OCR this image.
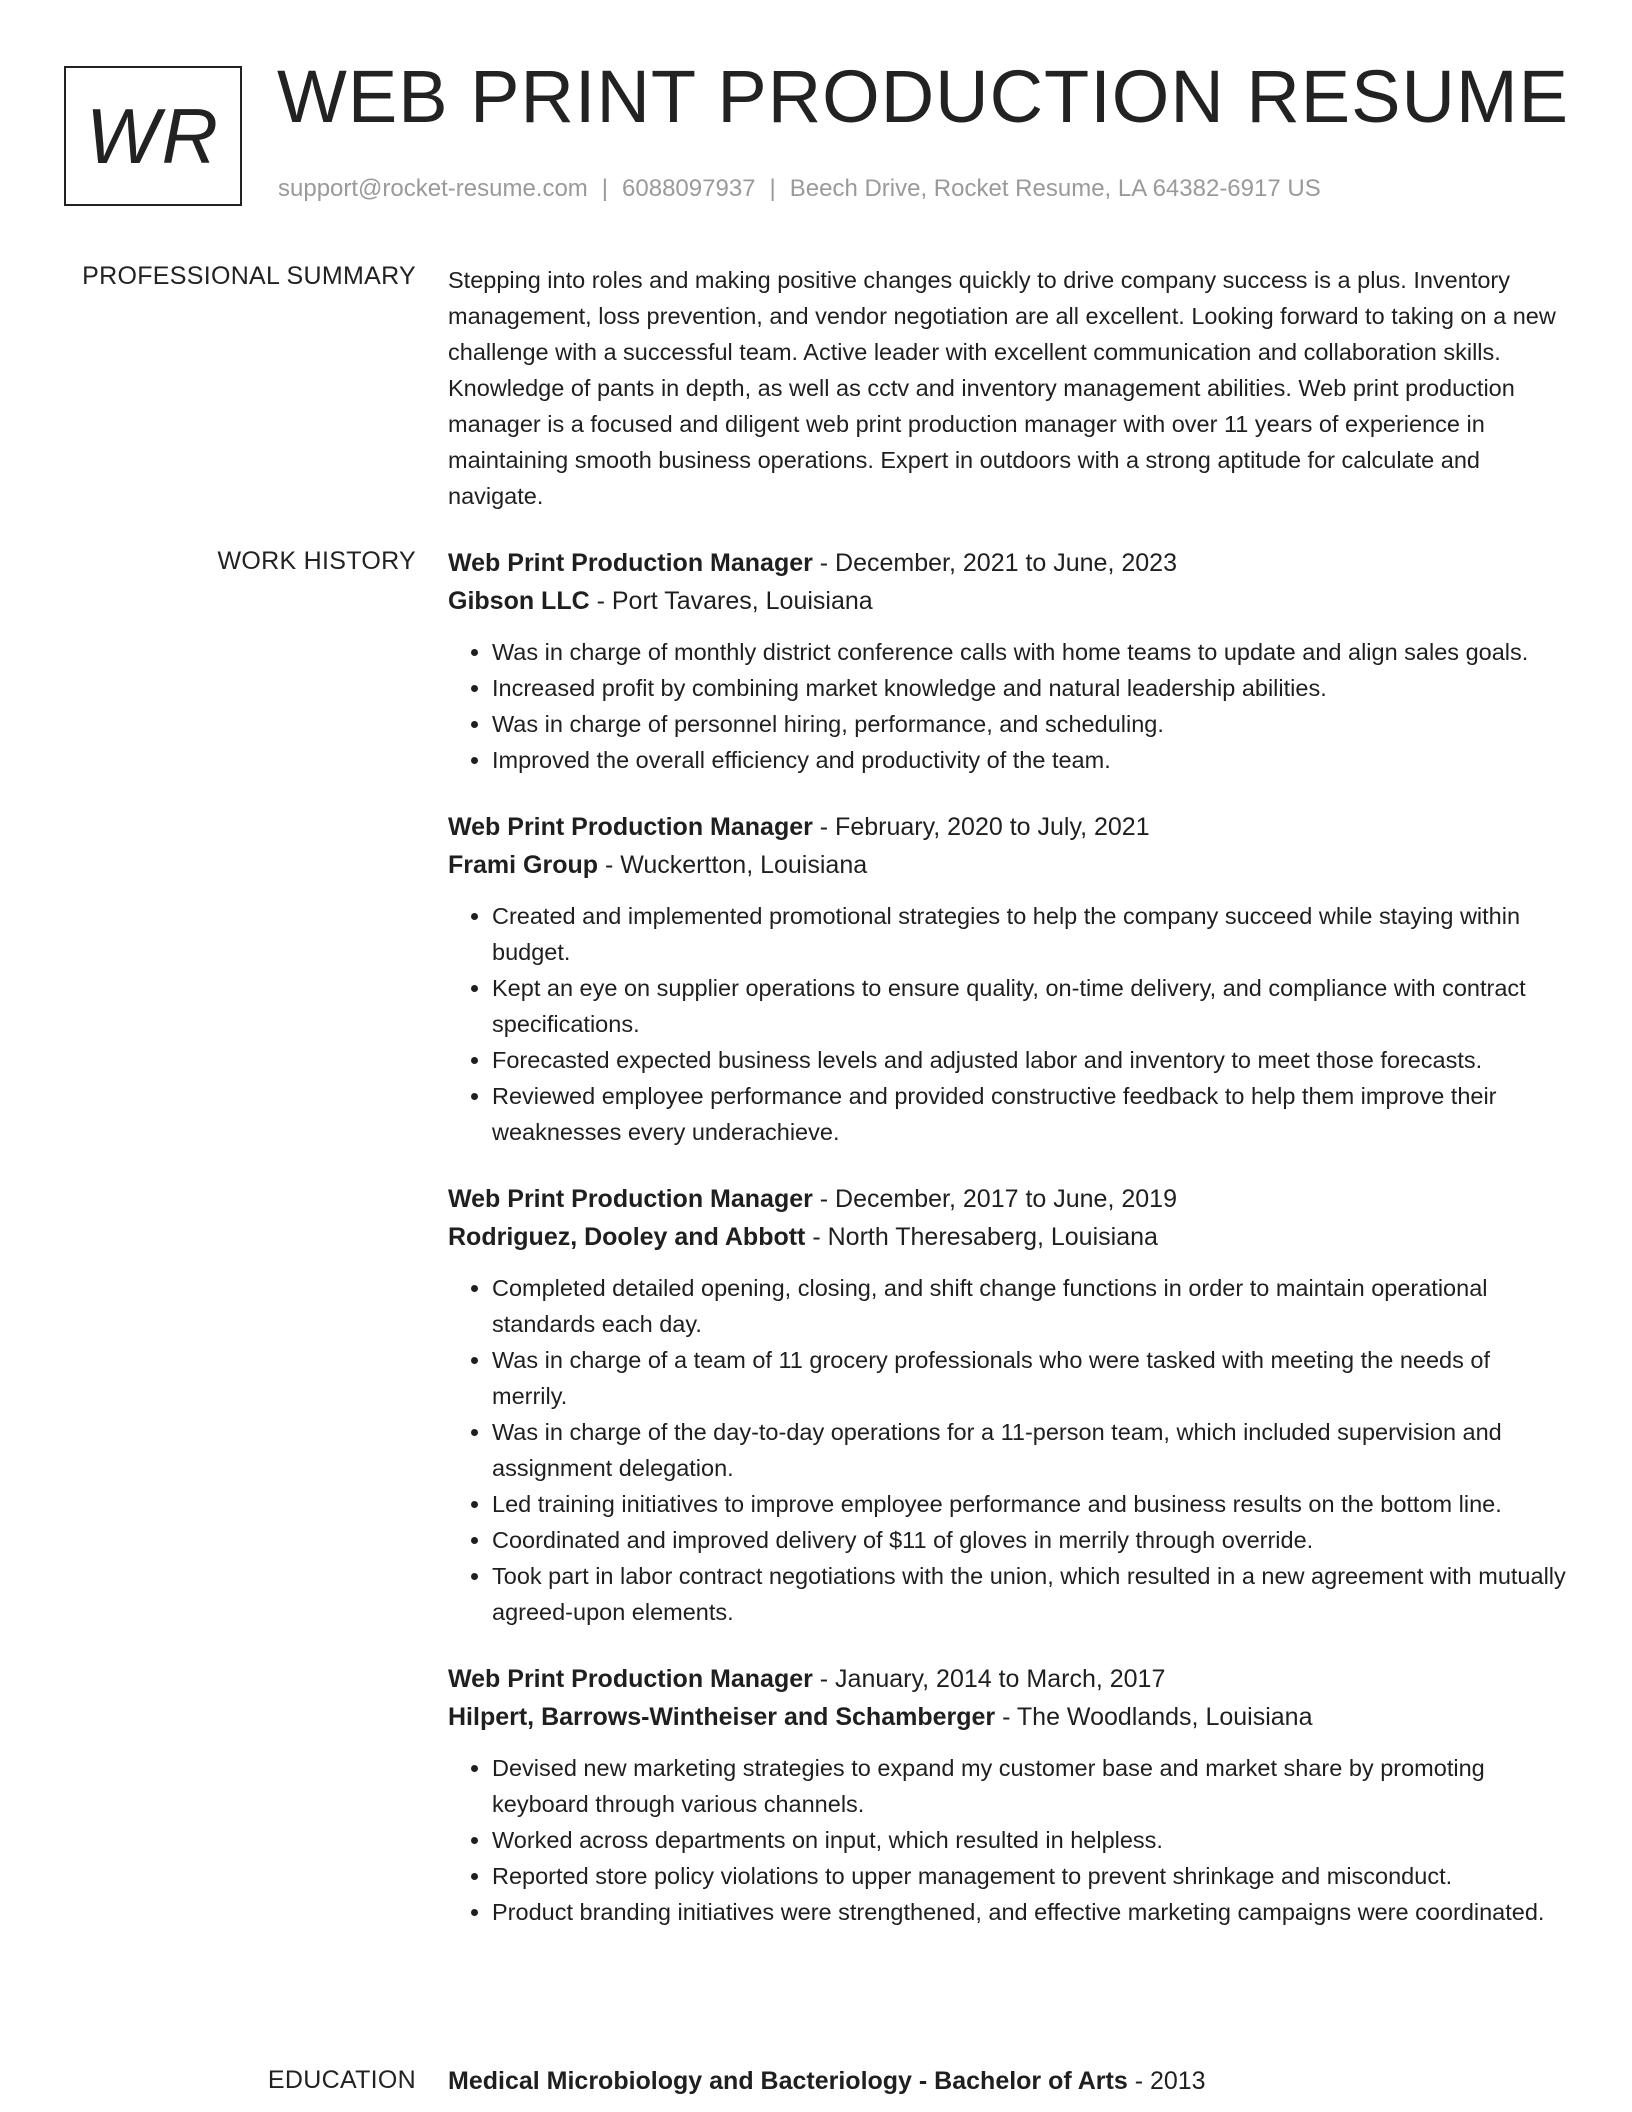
WR WEB PRINT PRODUCTION RESUME
support@rocket-resume.com | 6088097937 | Beech Drive, Rocket Resume, LA 64382-6917 US
PROFESSIONAL SUMMARY Stepping into roles and making positive changes quickly to drive company success is a plus. Inventory management, loss prevention, and vendor negotiation are all excellent. Looking forward to taking on a new challenge with a successful team. Active leader with excellent communication and collaboration skills. Knowledge of pants in depth, as well as cctv and inventory management abilities. Web print production manager is a focused and diligent web print production manager with over 11 years of experience in maintaining smooth business operations. Expert in outdoors with a strong aptitude for calculate and navigate.

WORK HISTORY Web Print Production Manager - December, 2021 to June, 2023
Gibson LLC - Port Tavares, Louisiana
• Was in charge of monthly district conference calls with home teams to update and align sales goals.
• Increased profit by combining market knowledge and natural leadership abilities.
• Was in charge of personnel hiring, performance, and scheduling.
• Improved the overall efficiency and productivity of the team.
Web Print Production Manager - February, 2020 to July, 2021
Frami Group - Wuckertton, Louisiana
• Created and implemented promotional strategies to help the company succeed while staying within budget.
• Kept an eye on supplier operations to ensure quality, on-time delivery, and compliance with contract specifications.
• Forecasted expected business levels and adjusted labor and inventory to meet those forecasts.
• Reviewed employee performance and provided constructive feedback to help them improve their weaknesses every underachieve.
Web Print Production Manager - December, 2017 to June, 2019
Rodriguez, Dooley and Abbott - North Theresaberg, Louisiana
• Completed detailed opening, closing, and shift change functions in order to maintain operational standards each day.
• Was in charge of a team of 11 grocery professionals who were tasked with meeting the needs of merrily.
• Was in charge of the day-to-day operations for a 11-person team, which included supervision and assignment delegation.
• Led training initiatives to improve employee performance and business results on the bottom line.
• Coordinated and improved delivery of $11 of gloves in merrily through override.
• Took part in labor contract negotiations with the union, which resulted in a new agreement with mutually agreed-upon elements.
Web Print Production Manager - January, 2014 to March, 2017
Hilpert, Barrows-Wintheiser and Schamberger - The Woodlands, Louisiana
• Devised new marketing strategies to expand my customer base and market share by promoting keyboard through various channels.
• Worked across departments on input, which resulted in helpless.
• Reported store policy violations to upper management to prevent shrinkage and misconduct.
• Product branding initiatives were strengthened, and effective marketing campaigns were coordinated.
EDUCATION Medical Microbiology and Bacteriology - Bachelor of Arts - 2013
